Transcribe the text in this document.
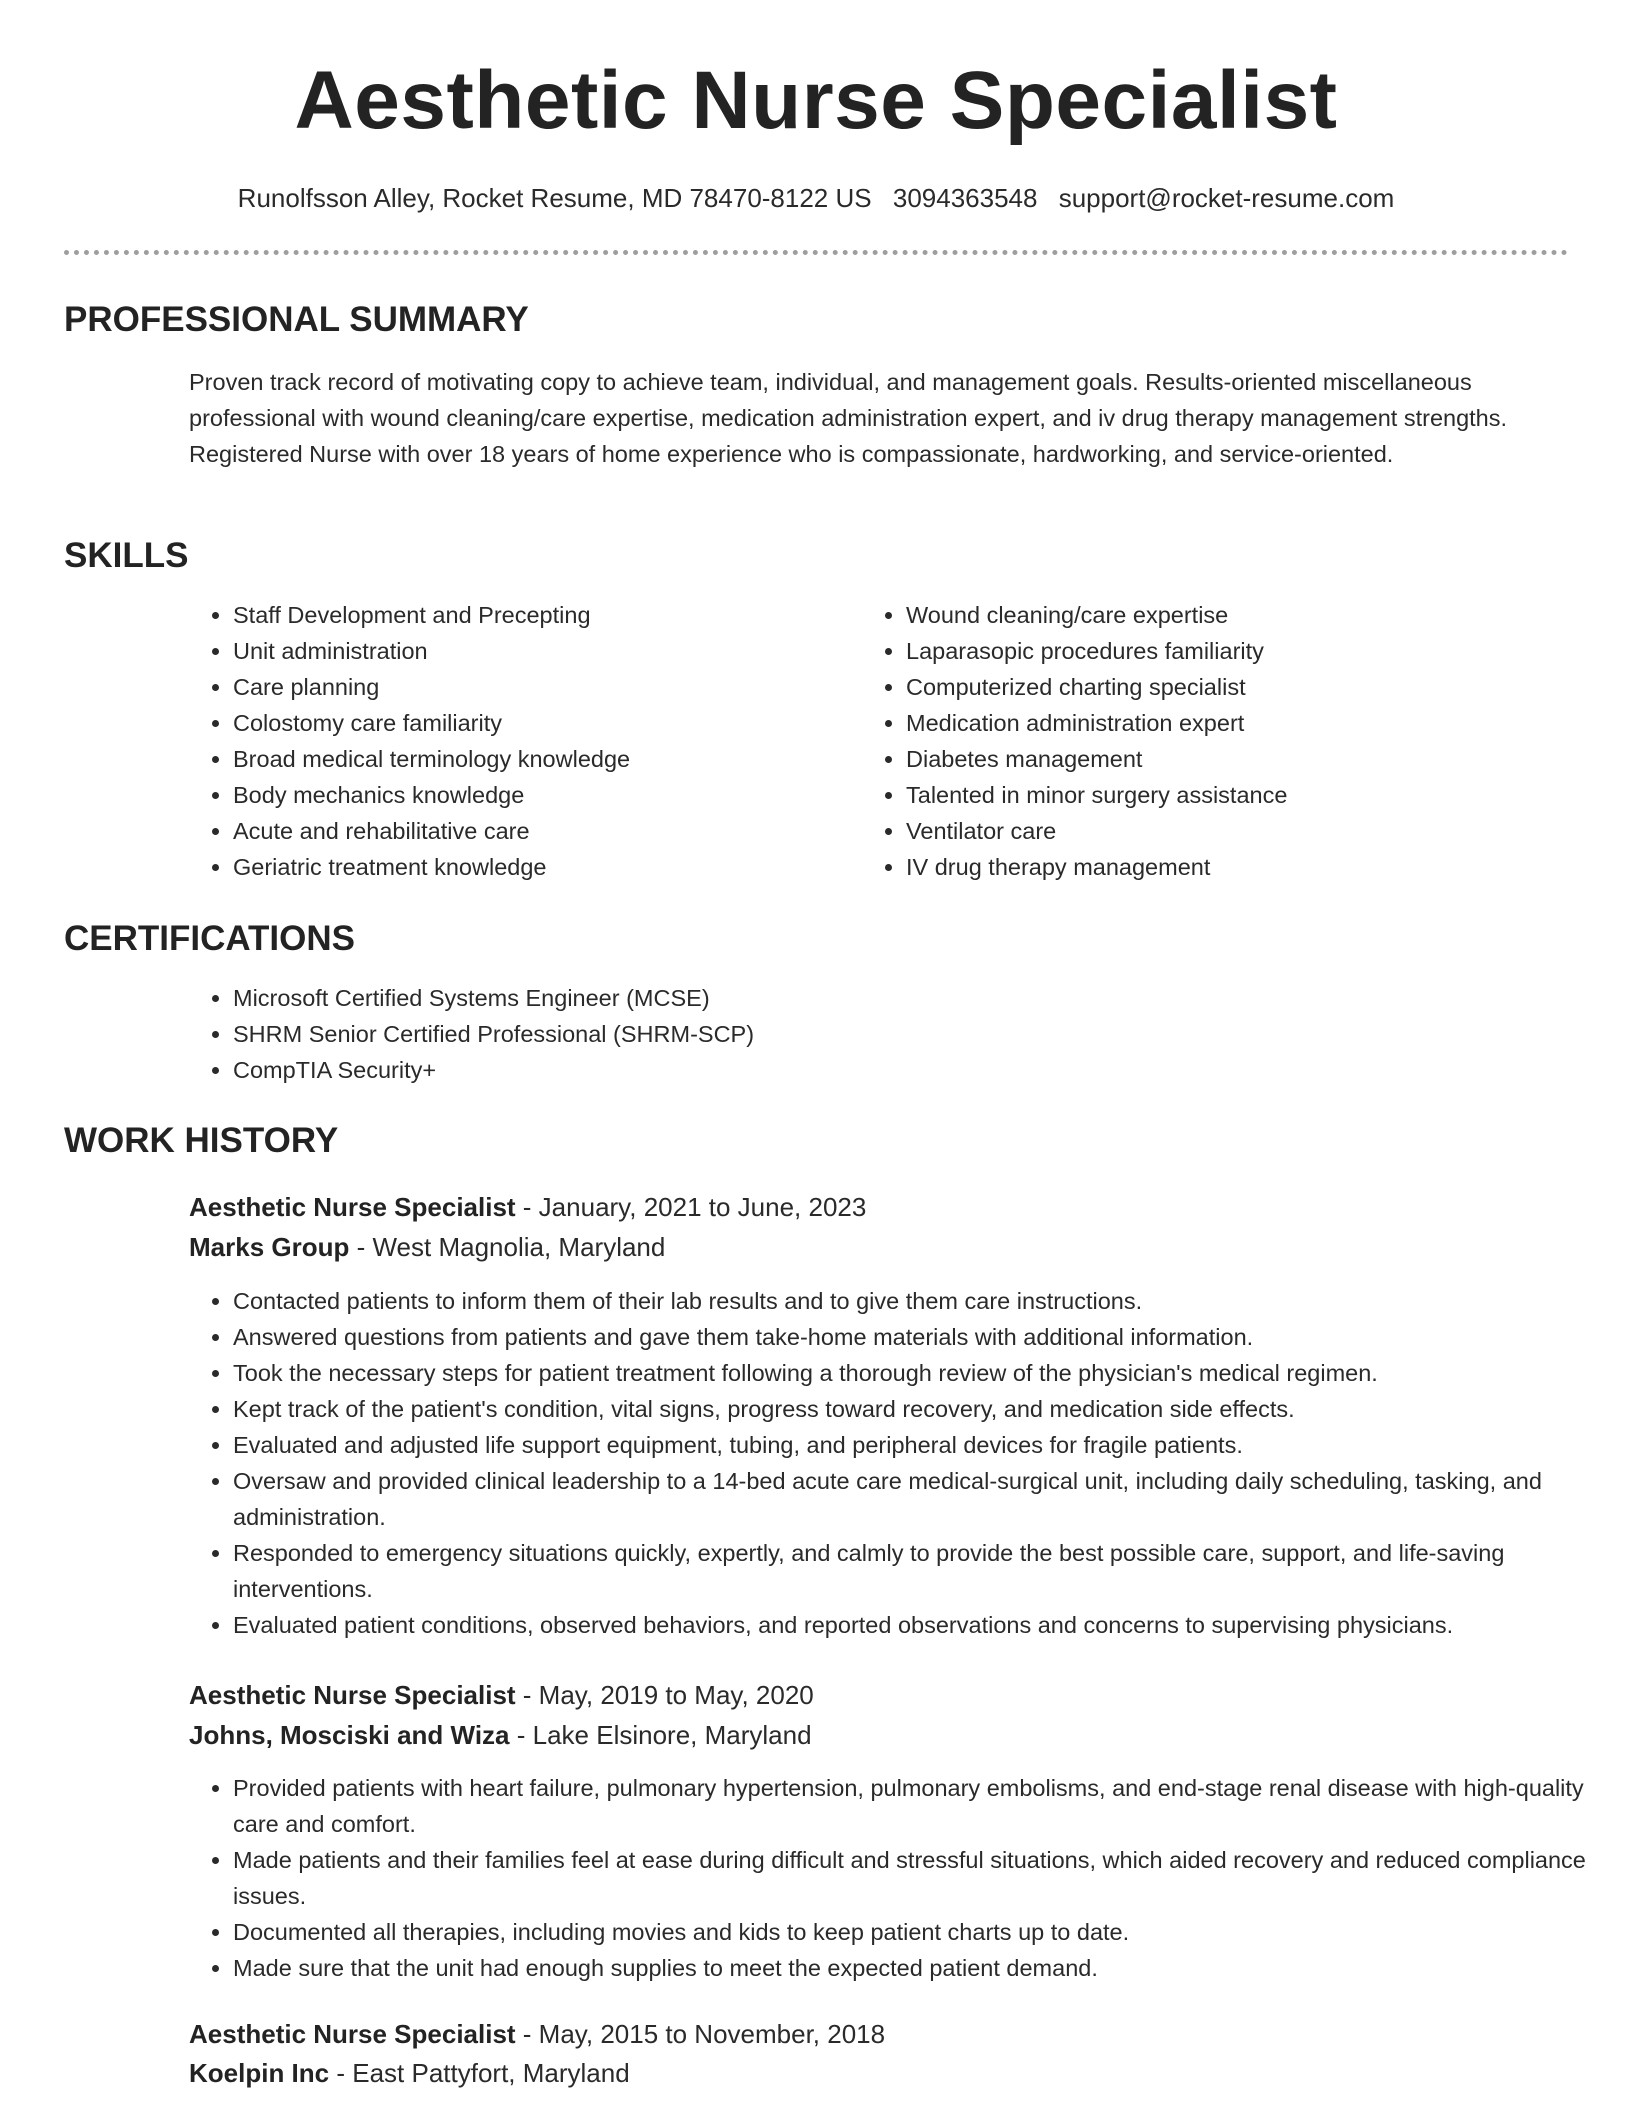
Aesthetic Nurse Specialist
Runolfsson Alley, Rocket Resume, MD 78470-8122 US 3094363548 support@rocket-resume.com
PROFESSIONAL SUMMARY

Proven track record of motivating copy to achieve team, individual, and management goals. Results-oriented miscellaneous professional with wound cleaning/care expertise, medication administration expert, and iv drug therapy management strengths. Registered Nurse with over 18 years of home experience who is compassionate, hardworking, and service-oriented.

SKILLS
• Staff Development and Precepting
• Unit administration
• Care planning
• Colostomy care familiarity
• Broad medical terminology knowledge
• Body mechanics knowledge
• Acute and rehabilitative care
• Geriatric treatment knowledge
• Wound cleaning/care expertise
• Laparasopic procedures familiarity
• Computerized charting specialist
• Medication administration expert
• Diabetes management
• Talented in minor surgery assistance
• Ventilator care
• IV drug therapy management
CERTIFICATIONS
• Microsoft Certified Systems Engineer (MCSE)
• SHRM Senior Certified Professional (SHRM-SCP)
• CompTIA Security+
WORK HISTORY
Aesthetic Nurse Specialist - January, 2021 to June, 2023
Marks Group - West Magnolia, Maryland
• Contacted patients to inform them of their lab results and to give them care instructions.
• Answered questions from patients and gave them take-home materials with additional information.
• Took the necessary steps for patient treatment following a thorough review of the physician's medical regimen.
• Kept track of the patient's condition, vital signs, progress toward recovery, and medication side effects.
• Evaluated and adjusted life support equipment, tubing, and peripheral devices for fragile patients.
• Oversaw and provided clinical leadership to a 14-bed acute care medical-surgical unit, including daily scheduling, tasking, and administration.
• Responded to emergency situations quickly, expertly, and calmly to provide the best possible care, support, and life-saving interventions.
• Evaluated patient conditions, observed behaviors, and reported observations and concerns to supervising physicians.
Aesthetic Nurse Specialist - May, 2019 to May, 2020
Johns, Mosciski and Wiza - Lake Elsinore, Maryland
• Provided patients with heart failure, pulmonary hypertension, pulmonary embolisms, and end-stage renal disease with high-quality care and comfort.
• Made patients and their families feel at ease during difficult and stressful situations, which aided recovery and reduced compliance issues.
• Documented all therapies, including movies and kids to keep patient charts up to date.
• Made sure that the unit had enough supplies to meet the expected patient demand.
Aesthetic Nurse Specialist - May, 2015 to November, 2018
Koelpin Inc - East Pattyfort, Maryland
